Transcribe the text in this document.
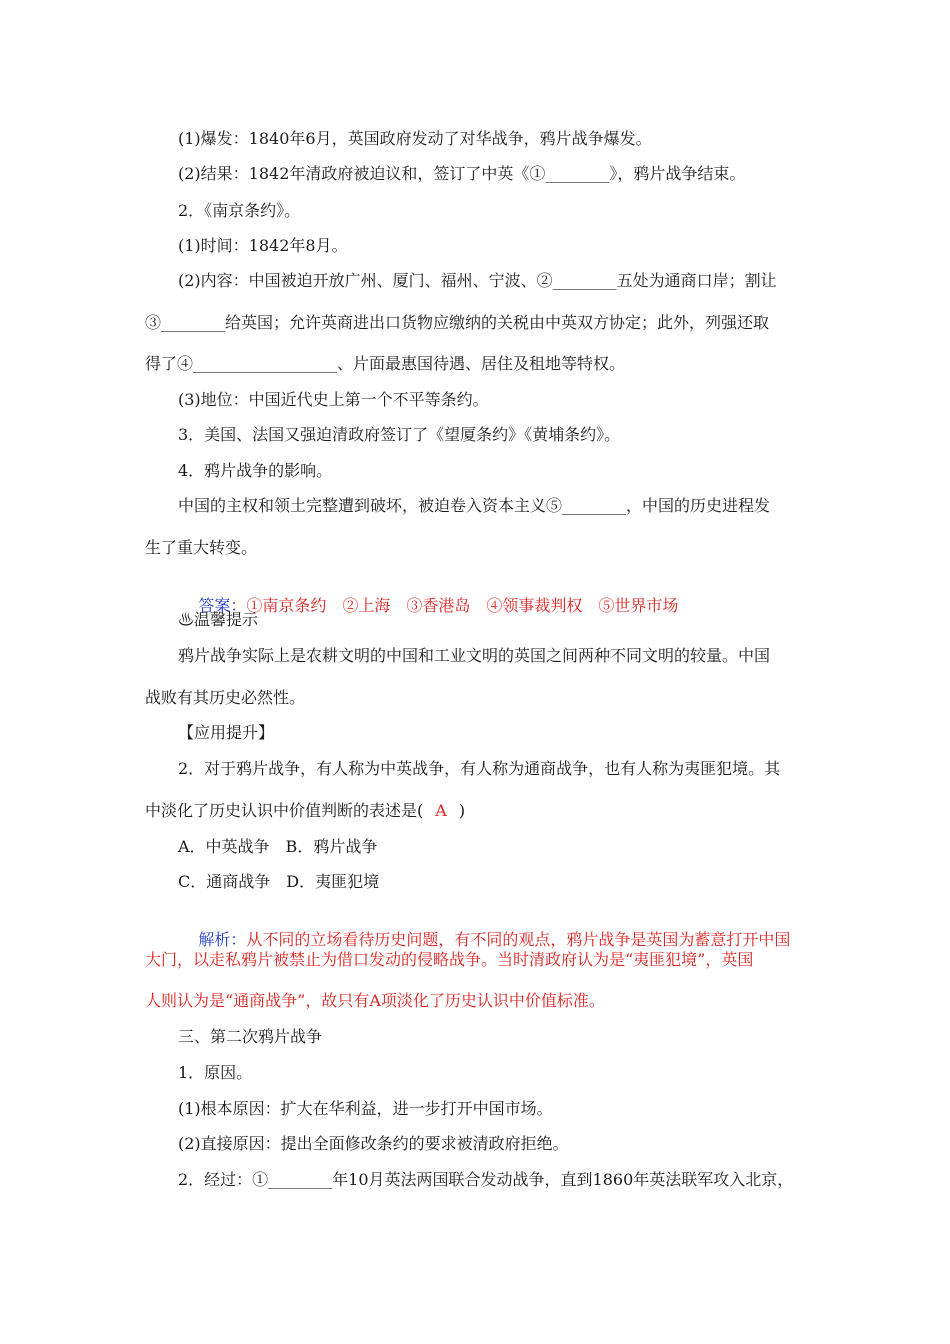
(1)爆发：1840年6月，英国政府发动了对华战争，鸦片战争爆发。
(2)结果：1842年清政府被迫议和，签订了中英《①________》，鸦片战争结束。
2．《南京条约》。
(1)时间：1842年8月。
(2)内容：中国被迫开放广州、厦门、福州、宁波、②________五处为通商口岸；割让
③________给英国；允许英商进出口货物应缴纳的关税由中英双方协定；此外，列强还取
得了④__________________、片面最惠国待遇、居住及租地等特权。
(3)地位：中国近代史上第一个不平等条约。
3．美国、法国又强迫清政府签订了《望厦条约》《黄埔条约》。
4．鸦片战争的影响。
中国的主权和领土完整遭到破坏，被迫卷入资本主义⑤________，中国的历史进程发
生了重大转变。

答案：①南京条约　②上海　③香港岛　④领事裁判权　⑤世界市场

♨温馨提示
鸦片战争实际上是农耕文明的中国和工业文明的英国之间两种不同文明的较量。中国
战败有其历史必然性。
【应用提升】
2．对于鸦片战争，有人称为中英战争，有人称为通商战争，也有人称为夷匪犯境。其
中淡化了历史认识中价值判断的表述是( A )
A．中英战争　B．鸦片战争
C．通商战争　D．夷匪犯境

解析：从不同的立场看待历史问题，有不同的观点，鸦片战争是英国为蓄意打开中国

大门，以走私鸦片被禁止为借口发动的侵略战争。当时清政府认为是“夷匪犯境”，英国
人则认为是“通商战争”，故只有A项淡化了历史认识中价值标准。
三、第二次鸦片战争
1．原因。
(1)根本原因：扩大在华利益，进一步打开中国市场。
(2)直接原因：提出全面修改条约的要求被清政府拒绝。
2．经过：①________年10月英法两国联合发动战争，直到1860年英法联军攻入北京，
